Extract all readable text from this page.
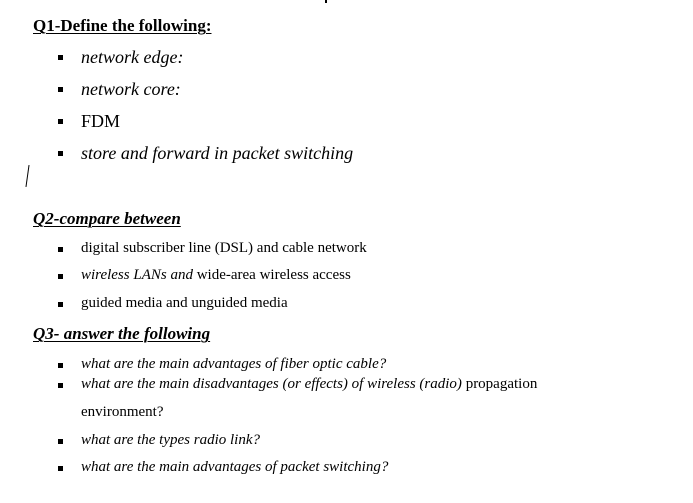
Q1-Define the following:
network edge:
network core:
FDM
store and forward in packet switching
Q2-compare between
digital subscriber line (DSL) and cable network
wireless LANs and wide-area wireless access
guided media and unguided media
Q3- answer the following
what are the main advantages of fiber optic cable?
what are the main disadvantages (or effects) of wireless (radio) propagation
environment?
what are the types radio link?
what are the main advantages of packet switching?
